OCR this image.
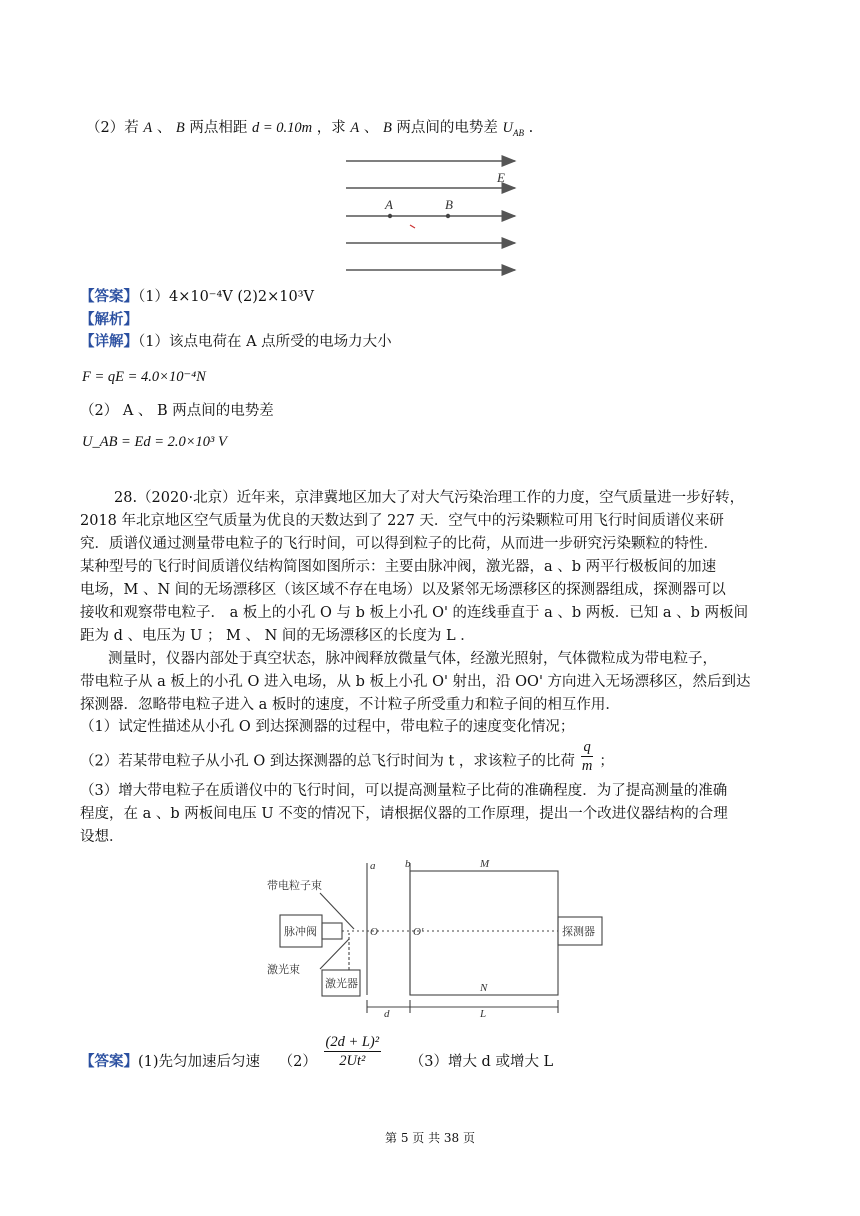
（2）若 A 、 B 两点相距 d = 0.10m ，求 A 、 B 两点间的电势差 $U_{AB}$ .
E
A	B
【答案】（1）4×10⁻⁴V (2)2×10³V
【解析】
【详解】（1）该点电荷在 A 点所受的电场力大小
F = qE = 4.0×10⁻⁴N
（2） A 、 B 两点间的电势差
U_AB = Ed = 2.0×10³ V
28.（2020·北京）近年来，京津冀地区加大了对大气污染治理工作的力度，空气质量进一步好转，
2018 年北京地区空气质量为优良的天数达到了 227 天．空气中的污染颗粒可用飞行时间质谱仪来研
究．质谱仪通过测量带电粒子的飞行时间，可以得到粒子的比荷，从而进一步研究污染颗粒的特性．
某种型号的飞行时间质谱仪结构简图如图所示：主要由脉冲阀，激光器，a 、b 两平行极板间的加速
电场，M 、N 间的无场漂移区（该区域不存在电场）以及紧邻无场漂移区的探测器组成，探测器可以
接收和观察带电粒子． a 板上的小孔 O 与 b 板上小孔 O' 的连线垂直于 a 、b 两板．已知 a 、b 两板间
距为 d 、电压为 U ； M 、 N 间的无场漂移区的长度为 L ．
测量时，仪器内部处于真空状态，脉冲阀释放微量气体，经激光照射，气体微粒成为带电粒子，
带电粒子从 a 板上的小孔 O 进入电场，从 b 板上小孔 O' 射出，沿 OO' 方向进入无场漂移区，然后到达
探测器．忽略带电粒子进入 a 板时的速度，不计粒子所受重力和粒子间的相互作用．
（1）试定性描述从小孔 O 到达探测器的过程中，带电粒子的速度变化情况；
（2）若某带电粒子从小孔 O 到达探测器的总飞行时间为 t ，求该粒子的比荷 $\frac{q}{m}$ ；
（3）增大带电粒子在质谱仪中的飞行时间，可以提高测量粒子比荷的准确程度．为了提高测量的准确
程度，在 a 、b 两板间电压 U 不变的情况下，请根据仪器的工作原理，提出一个改进仪器结构的合理
设想．
带电粒子束
脉冲阀
激光束
激光器
探测器
a	b	M
N
O	O'
d	L
【答案】(1)先匀加速后匀速 $(2) \frac{\text{(2d + L)²}}{\text{2Ut²}} (3)$增大 d 或增大 L
第 5 页 共 38 页
